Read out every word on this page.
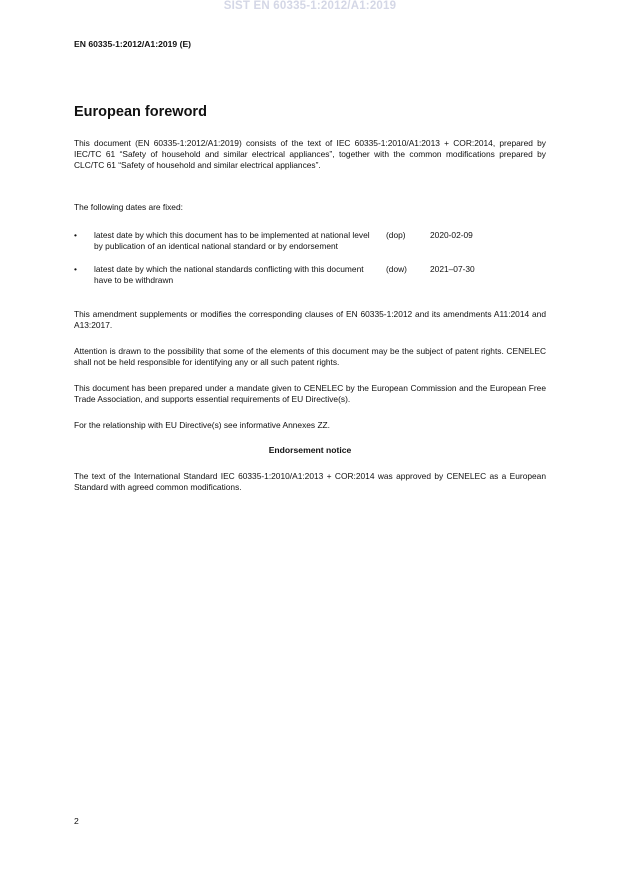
SIST EN 60335-1:2012/A1:2019
EN 60335-1:2012/A1:2019 (E)
European foreword

This document (EN 60335-1:2012/A1:2019) consists of the text of IEC 60335-1:2010/A1:2013 + COR:2014, prepared by IEC/TC 61 “Safety of household and similar electrical appliances”, together with the common modifications prepared by CLC/TC 61 “Safety of household and similar electrical appliances”.

The following dates are fixed:

• latest date by which this document has to be implemented at national level by publication of an identical national standard or by endorsement
(dop)	2020-02-09
• latest date by which the national standards conflicting with this document have to be withdrawn
(dow)	2021–07-30

This amendment supplements or modifies the corresponding clauses of EN 60335-1:2012 and its amendments A11:2014 and A13:2017.

Attention is drawn to the possibility that some of the elements of this document may be the subject of patent rights. CENELEC shall not be held responsible for identifying any or all such patent rights.

This document has been prepared under a mandate given to CENELEC by the European Commission and the European Free Trade Association, and supports essential requirements of EU Directive(s).

For the relationship with EU Directive(s) see informative Annexes ZZ.

Endorsement notice

The text of the International Standard IEC 60335-1:2010/A1:2013 + COR:2014 was approved by CENELEC as a European Standard with agreed common modifications.

2
